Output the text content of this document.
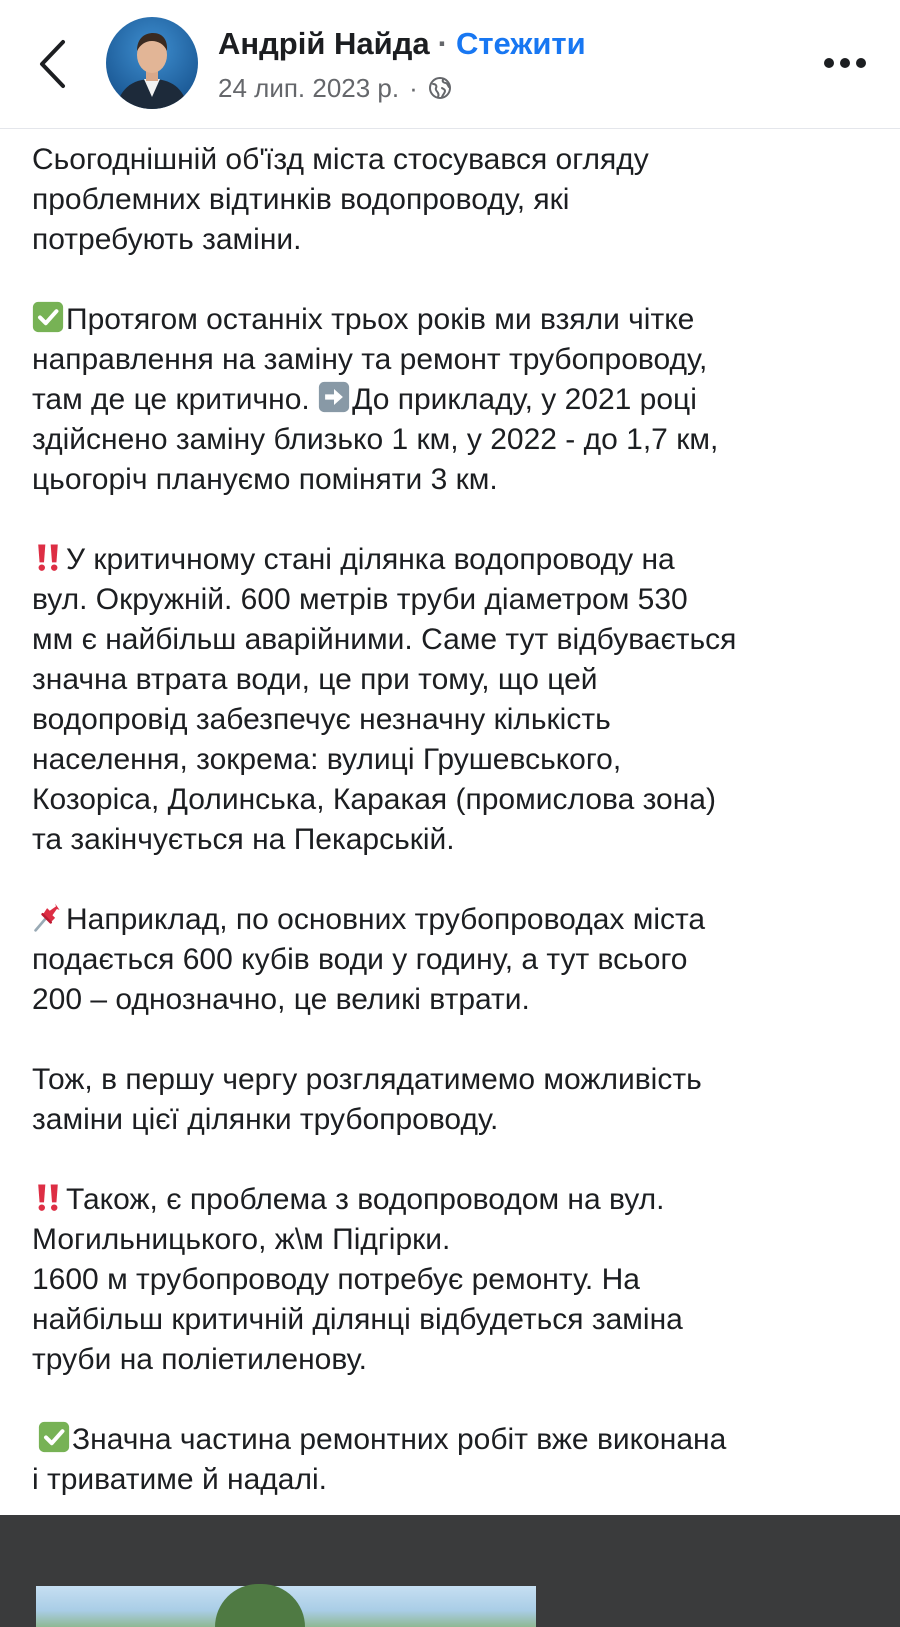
Андрій Найда · Стежити
24 лип. 2023 р. ·

Сьогоднішній об'їзд міста стосувався огляду
проблемних відтинків водопроводу, які
потребують заміни.

Протягом останніх трьох років ми взяли чітке
направлення на заміну та ремонт трубопроводу,
там де це критично. До прикладу, у 2021 році
здійснено заміну близько 1 км, у 2022 - до 1,7 км,
цьогоріч плануємо поміняти 3 км.

У критичному стані ділянка водопроводу на
вул. Окружній. 600 метрів труби діаметром 530
мм є найбільш аварійними. Саме тут відбувається
значна втрата води, це при тому, що цей
водопровід забезпечує незначну кількість
населення, зокрема: вулиці Грушевського,
Козоріса, Долинська, Каракая (промислова зона)
та закінчується на Пекарській.

Наприклад, по основних трубопроводах міста
подається 600 кубів води у годину, а тут всього
200 – однозначно, це великі втрати.

Тож, в першу чергу розглядатимемо можливість
заміни цієї ділянки трубопроводу.

Також, є проблема з водопроводом на вул.
Могильницького, ж\м Підгірки.
1600 м трубопроводу потребує ремонту. На
найбільш критичній ділянці відбудеться заміна
труби на поліетиленову.

Значна частина ремонтних робіт вже виконана
і триватиме й надалі.
